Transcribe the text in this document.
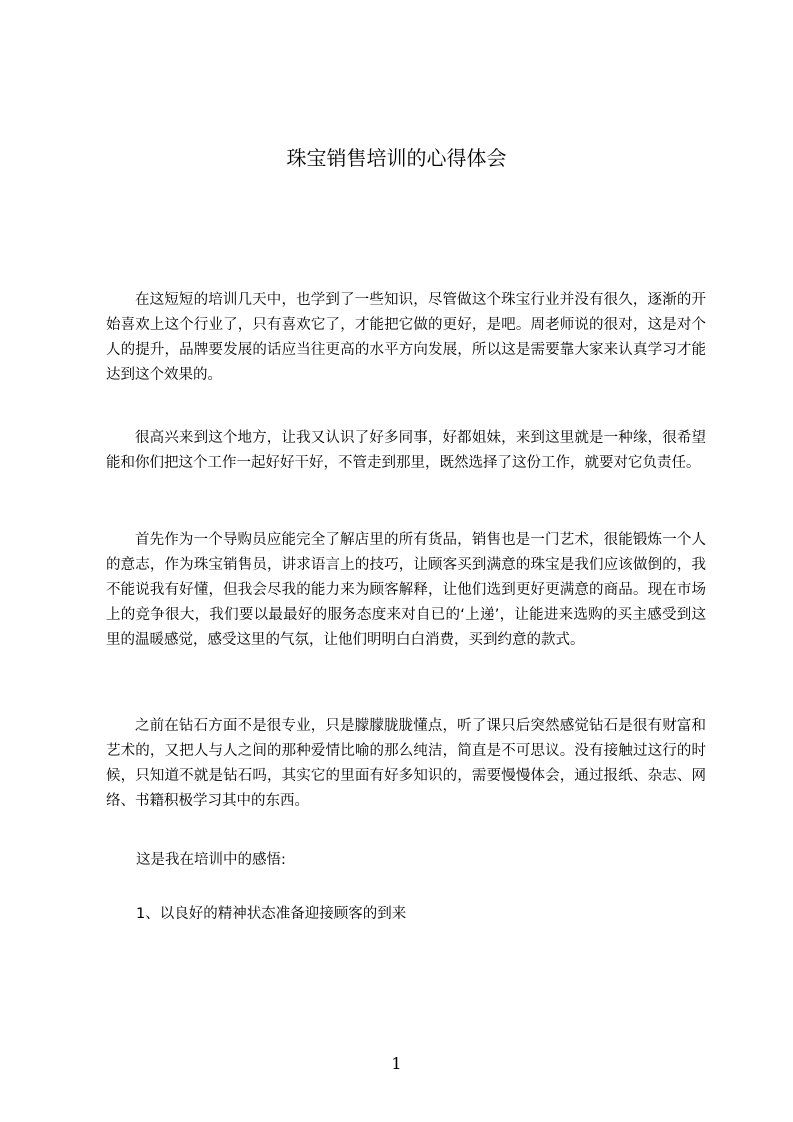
珠宝销售培训的心得体会

在这短短的培训几天中，也学到了一些知识，尽管做这个珠宝行业并没有很久，逐渐的开始喜欢上这个行业了，只有喜欢它了，才能把它做的更好，是吧。周老师说的很对，这是对个人的提升，品牌要发展的话应当往更高的水平方向发展，所以这是需要靠大家来认真学习才能达到这个效果的。

很高兴来到这个地方，让我又认识了好多同事，好都姐妹，来到这里就是一种缘，很希望能和你们把这个工作一起好好干好，不管走到那里，既然选择了这份工作，就要对它负责任。

首先作为一个导购员应能完全了解店里的所有货品，销售也是一门艺术，很能锻炼一个人的意志，作为珠宝销售员，讲求语言上的技巧，让顾客买到满意的珠宝是我们应该做倒的，我不能说我有好懂，但我会尽我的能力来为顾客解释，让他们选到更好更满意的商品。现在市场上的竞争很大，我们要以最最好的服务态度来对自已的‘上递’，让能进来选购的买主感受到这里的温暖感觉，感受这里的气氛，让他们明明白白消费，买到约意的款式。

之前在钻石方面不是很专业，只是朦朦胧胧懂点，听了课只后突然感觉钻石是很有财富和艺术的，又把人与人之间的那种爱情比喻的那么纯洁，简直是不可思议。没有接触过这行的时候，只知道不就是钻石吗，其实它的里面有好多知识的，需要慢慢体会，通过报纸、杂志、网络、书籍积极学习其中的东西。

这是我在培训中的感悟:

1、以良好的精神状态准备迎接顾客的到来

1
